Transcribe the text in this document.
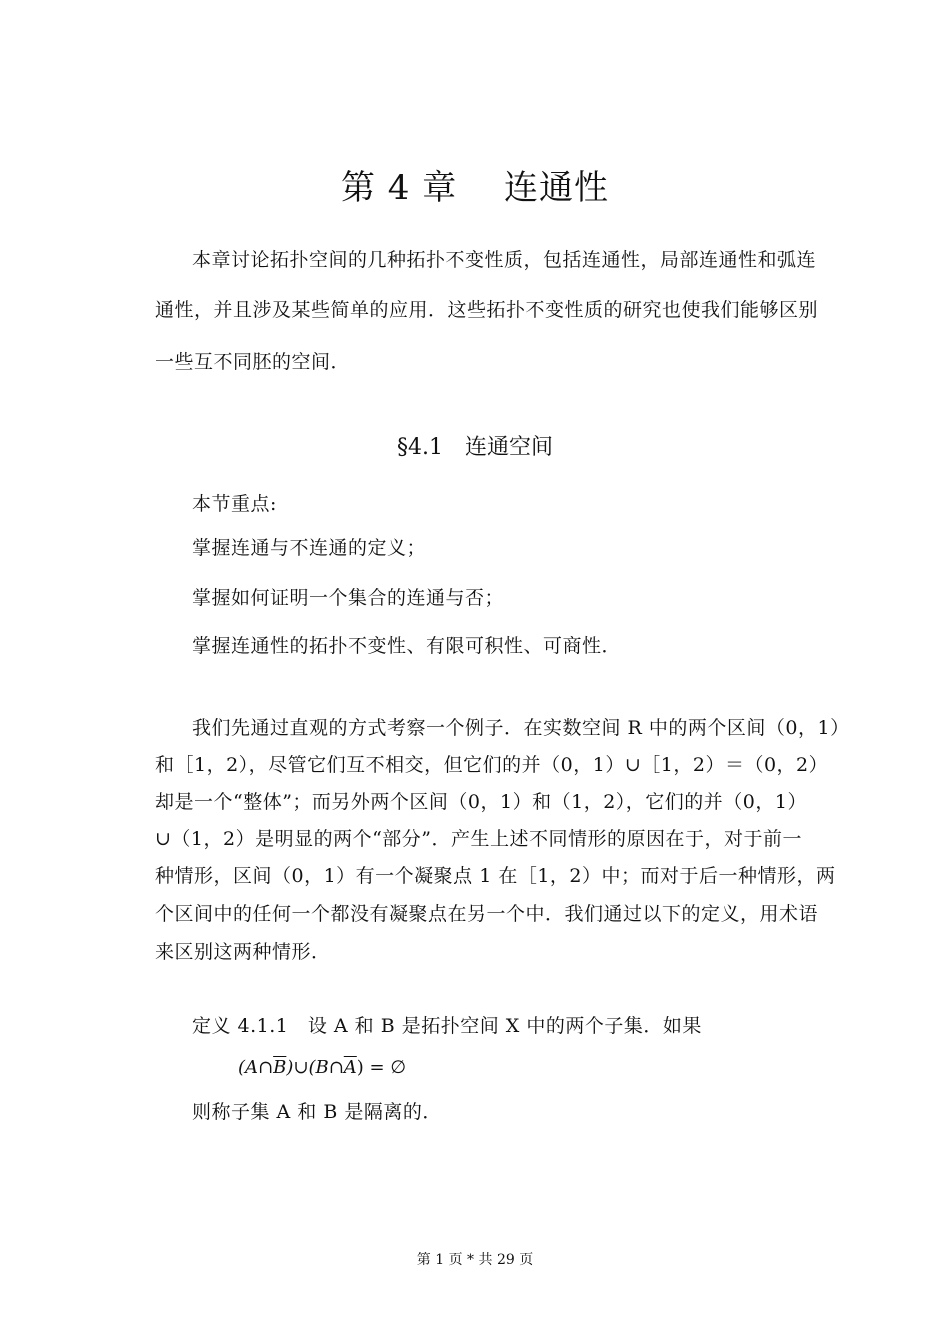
第 4 章　 连通性
本章讨论拓扑空间的几种拓扑不变性质，包括连通性，局部连通性和弧连
通性，并且涉及某些简单的应用．这些拓扑不变性质的研究也使我们能够区别
一些互不同胚的空间．
§4.1　连通空间
本节重点:
掌握连通与不连通的定义；
掌握如何证明一个集合的连通与否；
掌握连通性的拓扑不变性、有限可积性、可商性．
我们先通过直观的方式考察一个例子．在实数空间 R 中的两个区间（0，1）
和［1，2），尽管它们互不相交，但它们的并（0，1）∪［1，2）＝（0，2）
却是一个“整体”；而另外两个区间（0，1）和（1，2），它们的并（0，1）
∪（1，2）是明显的两个“部分”．产生上述不同情形的原因在于，对于前一
种情形，区间（0，1）有一个凝聚点 1 在［1，2）中；而对于后一种情形，两
个区间中的任何一个都没有凝聚点在另一个中．我们通过以下的定义，用术语
来区别这两种情形．
定义 4.1.1　设 A 和 B 是拓扑空间 X 中的两个子集．如果
$(A\cap\overline{B})\cup(B\cap\overline{A})$ = ∅
则称子集 A 和 B 是隔离的．
第 1 页 * 共 29 页
